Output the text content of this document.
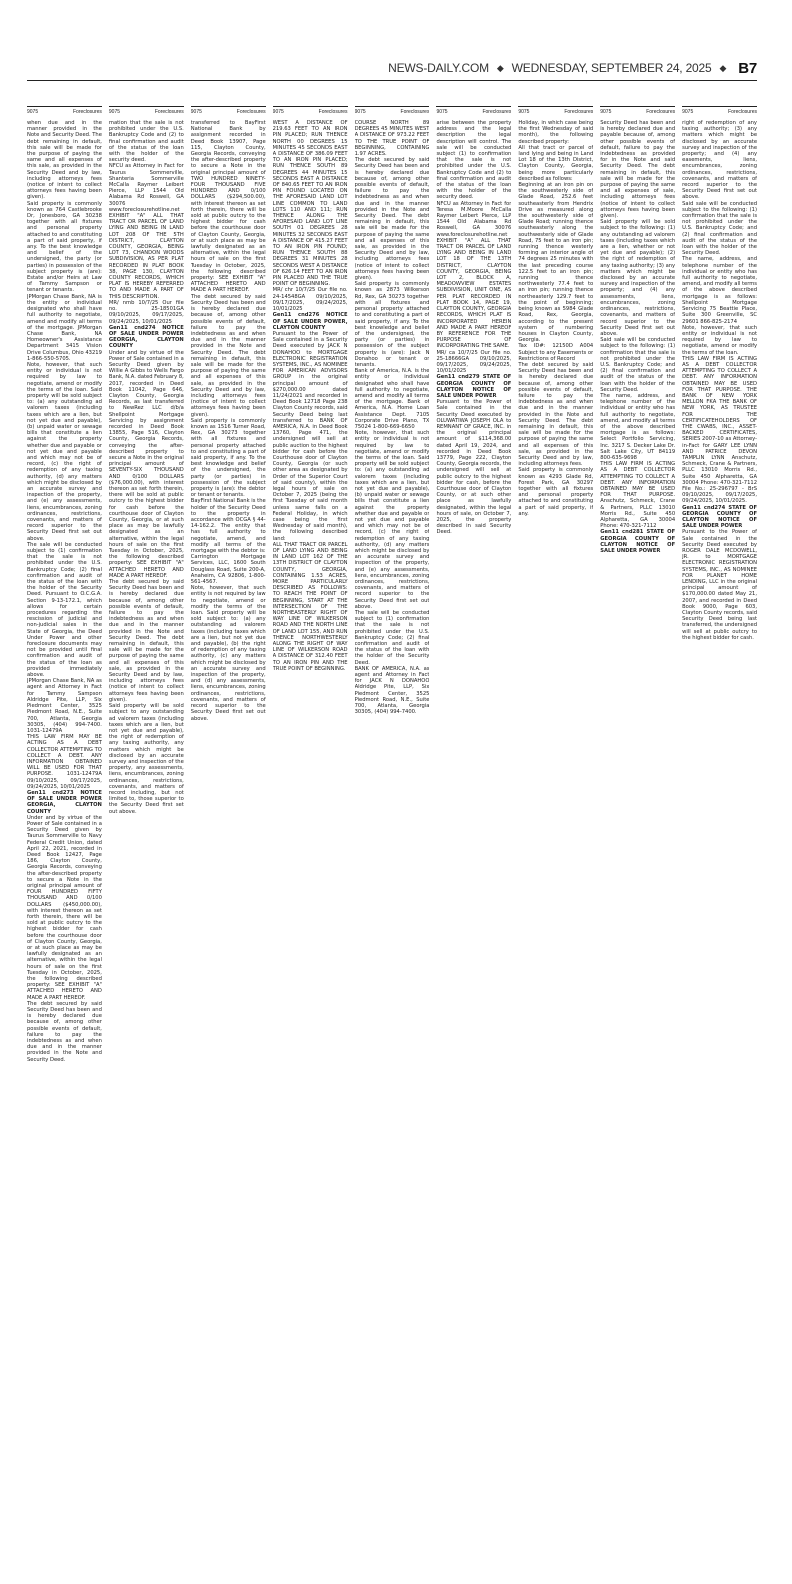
NEWS-DAILY.COM ◆ WEDNESDAY, SEPTEMBER 24, 2025 ◆ B7
9075	Foreclosures

when due and in the manner provided in the Note and Security Deed. The debt remaining in default, this sale will be made for the purpose of paying the same and all expenses of this sale, as provided in the Security Deed and by law, including attorneys fees (notice of intent to collect attorneys fees having been given).

Said property is commonly known as 764 Castlebrooke Dr, Jonesboro, GA 30238 together with all fixtures and personal property attached to and constituting a part of said property, if any. To the best knowledge and belief of the undersigned, the party (or parties) in possession of the subject property is (are): Estate and/or Heirs at Law of Tammy Sampson or tenant or tenants.

JPMorgan Chase Bank, NA is the entity or individual designated who shall have full authority to negotiate, amend and modify all terms of the mortgage. JPMorgan Chase Bank, NA Homeowner's Assistance Department 3415 Vision Drive Columbus, Ohio 43219 1-866-550-5705.

Note, however, that such entity or individual is not required by law to negotiate, amend or modify the terms of the loan. Said property will be sold subject to: (a) any outstanding ad valorem taxes (including taxes which are a lien, but not yet due and payable), (b) unpaid water or sewage bills that constitute a lien against the property whether due and payable or not yet due and payable and which may not be of record, (c) the right of redemption of any taxing authority, (d) any matters which might be disclosed by an accurate survey and inspection of the property, and (e) any assessments, liens, encumbrances, zoning ordinances, restrictions, covenants, and matters of record superior to the Security Deed first set out above.

The sale will be conducted subject to (1) confirmation that the sale is not prohibited under the U.S. Bankruptcy Code; (2) final confirmation and audit of the status of the loan with the holder of the Security Deed. Pursuant to O.C.G.A. Section 9-13-172.1, which allows for certain procedures regarding the rescission of judicial and non-judicial sales in the State of Georgia, the Deed Under Power and other foreclosure documents may not be provided until final confirmation and audit of the status of the loan as provided immediately above.

JPMorgan Chase Bank, NA as agent and Attorney in Fact for Tammy Sampson Aldridge Pite, LLP, Six Piedmont Center, 3525 Piedmont Road, N.E., Suite 700, Atlanta, Georgia 30305, (404) 994-7400. 1031-12479A

THIS LAW FIRM MAY BE ACTING AS A DEBT COLLECTOR ATTEMPTING TO COLLECT A DEBT. ANY INFORMATION OBTAINED WILL BE USED FOR THAT PURPOSE. 1031-12479A 09/10/2025, 09/17/2025, 09/24/2025, 10/01/2025

Gen11 cnd273 NOTICE OF SALE UNDER POWER GEORGIA, CLAYTON COUNTY

Under and by virtue of the Power of Sale contained in a Security Deed given by Taurus Sommerville to Navy Federal Credit Union, dated April 22, 2021, recorded in Deed Book 12427, Page 186, Clayton County, Georgia Records, conveying the after-described property to secure a Note in the original principal amount of FOUR HUNDRED FIFTY THOUSAND AND 0/100 DOLLARS ($450,000.00), with interest thereon as set forth therein, there will be sold at public outcry to the highest bidder for cash before the courthouse door of Clayton County, Georgia, or at such place as may be lawfully designated as an alternative, within the legal hours of sale on the first Tuesday in October, 2025, the following described property: SEE EXHIBIT "A" ATTACHED HERETO AND MADE A PART HEREOF.

The debt secured by said Security Deed has been and is hereby declared due because of, among other possible events of default, failure to pay the indebtedness as and when due and in the manner provided in the Note and Security Deed.

9075	Foreclosures

mation that the sale is not prohibited under the U.S. Bankruptcy Code and (2) to final confirmation and audit of the status of the loan with the holder of the security deed.

NFCU as Attorney in Fact for Taurus Sommerville, Shanteria Sommerville McCalla Raymer Leibert Pierce, LLP 1544 Old Alabama Rd Roswell, GA 30076 www.foreclosurehotline.net

EXHIBIT "A" ALL THAT TRACT OR PARCEL OF LAND LYING AND BEING IN LAND LOT 208 OF THE 5TH DISTRICT, CLAYTON COUNTY, GEORGIA, BEING LOT 73, CHANDON WOODS SUBDIVISION, AS PER PLAT RECORDED IN PLAT BOOK 38, PAGE 130, CLAYTON COUNTY RECORDS, WHICH PLAT IS HEREBY REFERRED TO AND MADE A PART OF THIS DESCRIPTION.

MR/ nmb 10/7/25 Our file no. 25-18501GA 09/10/2025, 09/17/2025, 09/24/2025, 10/01/2025

Gen11 cnd274 NOTICE OF SALE UNDER POWER GEORGIA, CLAYTON COUNTY

Under and by virtue of the Power of Sale contained in a Security Deed given by Willie A Gibbs to Wells Fargo Bank, N.A. dated February 8, 2017, recorded in Deed Book 11042, Page 646, Clayton County, Georgia Records, as last transferred to NewRez LLC d/b/a Shellpoint Mortgage Servicing by assignment recorded in Deed Book 13855, Page 516, Clayton County, Georgia Records, conveying the after-described property to secure a Note in the original principal amount of SEVENTY-SIX THOUSAND AND 0/100 DOLLARS ($76,000.00), with interest thereon as set forth therein, there will be sold at public outcry to the highest bidder for cash before the courthouse door of Clayton County, Georgia, or at such place as may be lawfully designated as an alternative, within the legal hours of sale on the first Tuesday in October, 2025, the following described property: SEE EXHIBIT "A" ATTACHED HERETO AND MADE A PART HEREOF.

The debt secured by said Security Deed has been and is hereby declared due because of, among other possible events of default, failure to pay the indebtedness as and when due and in the manner provided in the Note and Security Deed. The debt remaining in default, this sale will be made for the purpose of paying the same and all expenses of this sale, as provided in the Security Deed and by law, including attorneys fees (notice of intent to collect attorneys fees having been given).

Said property will be sold subject to any outstanding ad valorem taxes (including taxes which are a lien, but not yet due and payable), the right of redemption of any taxing authority, any matters which might be disclosed by an accurate survey and inspection of the property, any assessments, liens, encumbrances, zoning ordinances, restrictions, covenants, and matters of record including, but not limited to, those superior to the Security Deed first set out above.

9075	Foreclosures

transferred to BayFirst National Bank by assignment recorded in Deed Book 13907, Page 115, Clayton County, Georgia Records, conveying the after-described property to secure a Note in the original principal amount of TWO HUNDRED NINETY-FOUR THOUSAND FIVE HUNDRED AND 0/100 DOLLARS ($294,500.00), with interest thereon as set forth therein, there will be sold at public outcry to the highest bidder for cash before the courthouse door of Clayton County, Georgia, or at such place as may be lawfully designated as an alternative, within the legal hours of sale on the first Tuesday in October, 2025, the following described property: SEE EXHIBIT "A" ATTACHED HERETO AND MADE A PART HEREOF.

The debt secured by said Security Deed has been and is hereby declared due because of, among other possible events of default, failure to pay the indebtedness as and when due and in the manner provided in the Note and Security Deed. The debt remaining in default, this sale will be made for the purpose of paying the same and all expenses of this sale, as provided in the Security Deed and by law, including attorneys fees (notice of intent to collect attorneys fees having been given).

Said property is commonly known as 1516 Turner Road, Rex, GA 30273 together with all fixtures and personal property attached to and constituting a part of said property, if any. To the best knowledge and belief of the undersigned, the party (or parties) in possession of the subject property is (are): the debtor or tenant or tenants.

BayFirst National Bank is the holder of the Security Deed to the property in accordance with OCGA § 44-14-162.2. The entity that has full authority to negotiate, amend, and modify all terms of the mortgage with the debtor is: Carrington Mortgage Services, LLC, 1600 South Douglass Road, Suite 200-A, Anaheim, CA 92806, 1-800-561-4567.

Note, however, that such entity is not required by law to negotiate, amend or modify the terms of the loan. Said property will be sold subject to: (a) any outstanding ad valorem taxes (including taxes which are a lien, but not yet due and payable), (b) the right of redemption of any taxing authority, (c) any matters which might be disclosed by an accurate survey and inspection of the property, and (d) any assessments, liens, encumbrances, zoning ordinances, restrictions, covenants, and matters of record superior to the Security Deed first set out above.

9075	Foreclosures

WEST A DISTANCE OF 219.63 FEET TO AN IRON PIN PLACED; RUN THENCE NORTH 00 DEGREES 15 MINUTES 45 SECONDS EAST A DISTANCE OF 386.09 FEET TO AN IRON PIN PLACED; RUN THENCE SOUTH 89 DEGREES 44 MINUTES 15 SECONDS EAST A DISTANCE OF 840.65 FEET TO AN IRON PIN FOUND LOCATED ON THE AFORESAID LAND LOT LINE COMMON TO LAND LOTS 110 AND 111; RUN THENCE ALONG THE AFORESAID LAND LOT LINE SOUTH 01 DEGREES 28 MINUTES 32 SECONDS EAST A DISTANCE OF 415.27 FEET TO AN IRON PIN FOUND; RUN THENCE SOUTH 88 DEGREES 31 MINUTES 28 SECONDS WEST A DISTANCE OF 626.14 FEET TO AN IRON PIN PLACED AND THE TRUE POINT OF BEGINNING.

MR/ chr 10/7/25 Our file no. 24-14548GA 09/10/2025, 09/17/2025, 09/24/2025, 10/01/2025

Gen11 cnd276 NOTICE OF SALE UNDER POWER, CLAYTON COUNTY

Pursuant to the Power of Sale contained in a Security Deed executed by JACK N DONAHOO to MORTGAGE ELECTRONIC REGISTRATION SYSTEMS, INC., AS NOMINEE FOR AMERICAN ADVISORS GROUP in the original principal amount of $270,000.00 dated 11/24/2021 and recorded in Deed Book 12718 Page 238 Clayton County records, said Security Deed being last transferred to BANK OF AMERICA, N.A. in Deed Book 13760, Page 471, the undersigned will sell at public auction to the highest bidder for cash before the Courthouse door of Clayton County, Georgia (or such other area as designated by Order of the Superior Court of said county), within the legal hours of sale on October 7, 2025 (being the first Tuesday of said month unless same falls on a Federal Holiday, in which case being the first Wednesday of said month), the following described land:

ALL THAT TRACT OR PARCEL OF LAND LYING AND BEING IN LAND LOT 162 OF THE 13TH DISTRICT OF CLAYTON COUNTY, GEORGIA, CONTAINING 1.53 ACRES, MORE PARTICULARLY DESCRIBED AS FOLLOWS: TO REACH THE POINT OF BEGINNING, START AT THE INTERSECTION OF THE NORTHEASTERLY RIGHT OF WAY LINE OF WILKERSON ROAD AND THE NORTH LINE OF LAND LOT 155, AND RUN THENCE NORTHWESTERLY ALONG THE RIGHT OF WAY LINE OF WILKERSON ROAD A DISTANCE OF 312.40 FEET TO AN IRON PIN AND THE TRUE POINT OF BEGINNING.

9075	Foreclosures

COURSE NORTH 89 DEGREES 45 MINUTES WEST A DISTANCE OF 973.22 FEET TO THE TRUE POINT OF BEGINNING, CONTAINING 1.97 ACRES.

The debt secured by said Security Deed has been and is hereby declared due because of, among other possible events of default, failure to pay the indebtedness as and when due and in the manner provided in the Note and Security Deed. The debt remaining in default, this sale will be made for the purpose of paying the same and all expenses of this sale, as provided in the Security Deed and by law, including attorneys fees (notice of intent to collect attorneys fees having been given).

Said property is commonly known as 2873 Wilkerson Rd, Rex, GA 30273 together with all fixtures and personal property attached to and constituting a part of said property, if any. To the best knowledge and belief of the undersigned, the party (or parties) in possession of the subject property is (are): Jack N Donahoo or tenant or tenants.

Bank of America, N.A. is the entity or individual designated who shall have full authority to negotiate, amend and modify all terms of the mortgage. Bank of America, N.A. Home Loan Assistance Dept. 7105 Corporate Drive Plano, TX 75024 1-800-669-6650

Note, however, that such entity or individual is not required by law to negotiate, amend or modify the terms of the loan. Said property will be sold subject to: (a) any outstanding ad valorem taxes (including taxes which are a lien, but not yet due and payable), (b) unpaid water or sewage bills that constitute a lien against the property whether due and payable or not yet due and payable and which may not be of record, (c) the right of redemption of any taxing authority, (d) any matters which might be disclosed by an accurate survey and inspection of the property, and (e) any assessments, liens, encumbrances, zoning ordinances, restrictions, covenants, and matters of record superior to the Security Deed first set out above.

The sale will be conducted subject to (1) confirmation that the sale is not prohibited under the U.S. Bankruptcy Code; (2) final confirmation and audit of the status of the loan with the holder of the Security Deed.

BANK OF AMERICA, N.A. as agent and Attorney in Fact for JACK N DONAHOO Aldridge Pite, LLP, Six Piedmont Center, 3525 Piedmont Road, N.E., Suite 700, Atlanta, Georgia 30305, (404) 994-7400.

9075	Foreclosures

arise between the property address and the legal description the legal description will control. The sale will be conducted subject (1) to confirmation that the sale is not prohibited under the U.S. Bankruptcy Code and (2) to final confirmation and audit of the status of the loan with the holder of the security deed.

NFCU as Attorney in Fact for Teresa M.Moore McCalla Raymer Leibert Pierce, LLP 1544 Old Alabama Rd Roswell, GA 30076 www.foreclosurehotline.net

EXHIBIT "A" ALL THAT TRACT OR PARCEL OF LAND LYING AND BEING IN LAND LOT 18 OF THE 13TH DISTRICT, CLAYTON COUNTY, GEORGIA, BEING LOT 2, BLOCK A, MEADOWVIEW ESTATES SUBDIVISION, UNIT ONE, AS PER PLAT RECORDED IN PLAT BOOK 14, PAGE 19, CLAYTON COUNTY, GEORGIA RECORDS, WHICH PLAT IS INCORPORATED HEREIN AND MADE A PART HEREOF BY REFERENCE FOR THE PURPOSE OF INCORPORATING THE SAME.

MR/ ca 10/7/25 Our file no. 25-18666GA 09/10/2025, 09/17/2025, 09/24/2025, 10/01/2025

Gen11 cnd279 STATE OF GEORGIA COUNTY OF CLAYTON NOTICE OF SALE UNDER POWER

Pursuant to the Power of Sale contained in the Security Deed executed by OLUWATIWA JOSEPH OLA to REMNANT OF GRACE, INC. in the original principal amount of $114,368.00 dated April 19, 2024, and recorded in Deed Book 13779, Page 222, Clayton County, Georgia records, the undersigned will sell at public outcry to the highest bidder for cash, before the Courthouse door of Clayton County, or at such other place as lawfully designated, within the legal hours of sale, on October 7, 2025, the property described in said Security Deed.

9075	Foreclosures

Holiday, in which case being the first Wednesday of said month), the following described property:

All that tract or parcel of land lying and being in Land Lot 18 of the 13th District, Clayton County, Georgia, being more particularly described as follows:

Beginning at an iron pin on the southwesterly side of Glade Road, 252.6 feet southeasterly from Hendrix Drive as measured along the southwesterly side of Glade Road; running thence southeasterly along the southwesterly side of Glade Road, 75 feet to an iron pin; running thence westerly forming an interior angle of 74 degrees 25 minutes with the last preceding course 122.5 feet to an iron pin; running thence northwesterly 77.4 feet to an iron pin; running thence northeasterly 129.7 feet to the point of beginning; being known as 5984 Glade Road, Rex, Georgia, according to the present system of numbering houses in Clayton County, Georgia.

Tax ID#: 12150D A004 Subject to any Easements or Restrictions of Record

The debt secured by said Security Deed has been and is hereby declared due because of, among other possible events of default, failure to pay the indebtedness as and when due and in the manner provided in the Note and Security Deed. The debt remaining in default, this sale will be made for the purpose of paying the same and all expenses of this sale, as provided in the Security Deed and by law, including attorneys fees.

Said property is commonly known as 4293 Glade Rd, Forest Park, GA 30297 together with all fixtures and personal property attached to and constituting a part of said property, if any.

9075	Foreclosures

Security Deed has been and is hereby declared due and payable because of, among other possible events of default, failure to pay the indebtedness as provided for in the Note and said Security Deed. The debt remaining in default, this sale will be made for the purpose of paying the same and all expenses of sale, including attorneys fees (notice of intent to collect attorneys fees having been given).

Said property will be sold subject to the following: (1) any outstanding ad valorem taxes (including taxes which are a lien, whether or not yet due and payable); (2) the right of redemption of any taxing authority; (3) any matters which might be disclosed by an accurate survey and inspection of the property; and (4) any assessments, liens, encumbrances, zoning ordinances, restrictions, covenants, and matters of record superior to the Security Deed first set out above.

Said sale will be conducted subject to the following: (1) confirmation that the sale is not prohibited under the U.S. Bankruptcy Code; and (2) final confirmation and audit of the status of the loan with the holder of the Security Deed.

The name, address, and telephone number of the individual or entity who has full authority to negotiate, amend, and modify all terms of the above described mortgage is as follows: Select Portfolio Servicing, Inc. 3217 S. Decker Lake Dr. Salt Lake City, UT 84119 800-635-9698

THIS LAW FIRM IS ACTING AS A DEBT COLLECTOR ATTEMPTING TO COLLECT A DEBT. ANY INFORMATION OBTAINED MAY BE USED FOR THAT PURPOSE. Anschutz, Schmeck, Crane & Partners, PLLC 13010 Morris Rd., Suite 450 Alpharetta, GA 30004 Phone: 470-321-7112

Gen11 cnd281 STATE OF GEORGIA COUNTY OF CLAYTON NOTICE OF SALE UNDER POWER

9075	Foreclosures

right of redemption of any taxing authority; (3) any matters which might be disclosed by an accurate survey and inspection of the property; and (4) any easements, liens, encumbrances, zoning ordinances, restrictions, covenants, and matters of record superior to the Security Deed first set out above.

Said sale will be conducted subject to the following: (1) confirmation that the sale is not prohibited under the U.S. Bankruptcy Code; and (2) final confirmation and audit of the status of the loan with the holder of the Security Deed.

The name, address, and telephone number of the individual or entity who has full authority to negotiate, amend, and modify all terms of the above described mortgage is as follows: Shellpoint Mortgage Servicing 75 Beattie Place, Suite 300 Greenville, SC 29601 866-825-2174

Note, however, that such entity or individual is not required by law to negotiate, amend or modify the terms of the loan.

THIS LAW FIRM IS ACTING AS A DEBT COLLECTOR ATTEMPTING TO COLLECT A DEBT. ANY INFORMATION OBTAINED MAY BE USED FOR THAT PURPOSE. THE BANK OF NEW YORK MELLON FKA THE BANK OF NEW YORK, AS TRUSTEE FOR THE CERTIFICATEHOLDERS OF THE CWABS, INC., ASSET-BACKED CERTIFICATES, SERIES 2007-10 as Attorney-in-Fact for GARY LEE LYNN AND PATRICE DEVON TAMPLIN LYNN Anschutz, Schmeck, Crane & Partners, PLLC 13010 Morris Rd., Suite 450 Alpharetta, GA 30004 Phone: 470-321-7112 File No.: 25-296797 - BrS 09/10/2025, 09/17/2025, 09/24/2025, 10/01/2025.

Gen11 cnd274 STATE OF GEORGIA COUNTY OF CLAYTON NOTICE OF SALE UNDER POWER

Pursuant to the Power of Sale contained in the Security Deed executed by ROGER DALE MCDOWELL, JR. to MORTGAGE ELECTRONIC REGISTRATION SYSTEMS, INC., AS NOMINEE FOR PLANET HOME LENDING, LLC in the original principal amount of $170,000.00 dated May 21, 2007, and recorded in Deed Book 9000, Page 603, Clayton County records, said Security Deed being last transferred, the undersigned will sell at public outcry to the highest bidder for cash.
